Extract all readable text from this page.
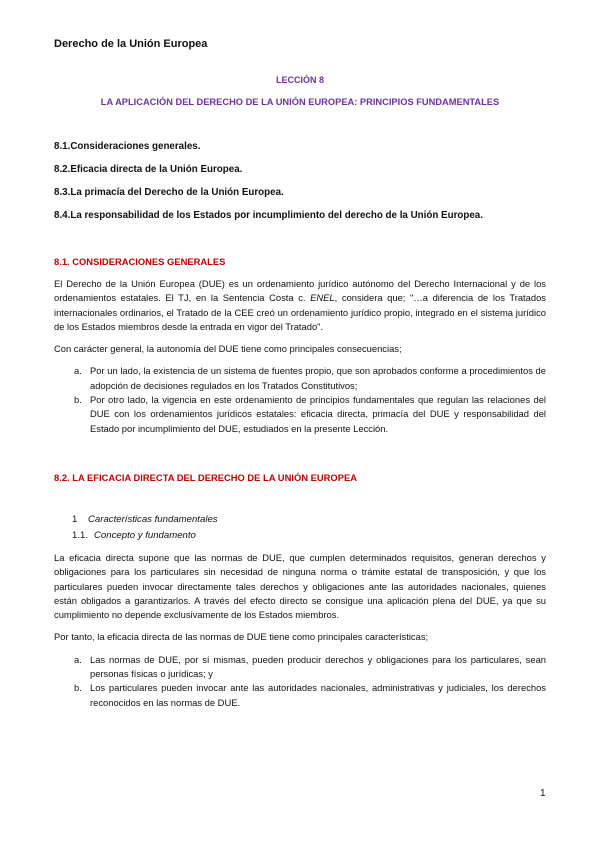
Derecho de la Unión Europea
LECCIÓN 8
LA APLICACIÓN DEL DERECHO DE LA UNIÓN EUROPEA: PRINCIPIOS FUNDAMENTALES
8.1.Consideraciones generales.
8.2.Eficacia directa de la Unión Europea.
8.3.La primacía del Derecho de la Unión Europea.
8.4.La responsabilidad de los Estados por incumplimiento del derecho de la Unión Europea.
8.1. CONSIDERACIONES GENERALES

El Derecho de la Unión Europea (DUE) es un ordenamiento jurídico autónomo del Derecho Internacional y de los ordenamientos estatales. El TJ, en la Sentencia Costa c. ENEL, considera que; "…a diferencia de los Tratados internacionales ordinarios, el Tratado de la CEE creó un ordenamiento jurídico propio, integrado en el sistema jurídico de los Estados miembros desde la entrada en vigor del Tratado".

Con carácter general, la autonomía del DUE tiene como principales consecuencias;

a. Por un lado, la existencia de un sistema de fuentes propio, que son aprobados conforme a procedimientos de adopción de decisiones regulados en los Tratados Constitutivos;
b. Por otro lado, la vigencia en este ordenamiento de principios fundamentales que regulan las relaciones del DUE con los ordenamientos jurídicos estatales: eficacia directa, primacía del DUE y responsabilidad del Estado por incumplimiento del DUE, estudiados en la presente Lección.
8.2. LA EFICACIA DIRECTA DEL DERECHO DE LA UNIÓN EUROPEA
1 Características fundamentales
1.1. Concepto y fundamento

La eficacia directa supone que las normas de DUE, que cumplen determinados requisitos, generan derechos y obligaciones para los particulares sin necesidad de ninguna norma o trámite estatal de transposición, y que los particulares pueden invocar directamente tales derechos y obligaciones ante las autoridades nacionales, quienes están obligados a garantizarlos. A través del efecto directo se consigue una aplicación plena del DUE, ya que su cumplimiento no depende exclusivamente de los Estados miembros.

Por tanto, la eficacia directa de las normas de DUE tiene como principales características;

a. Las normas de DUE, por sí mismas, pueden producir derechos y obligaciones para los particulares, sean personas físicas o jurídicas; y
b. Los particulares pueden invocar ante las autoridades nacionales, administrativas y judiciales, los derechos reconocidos en las normas de DUE.
1
